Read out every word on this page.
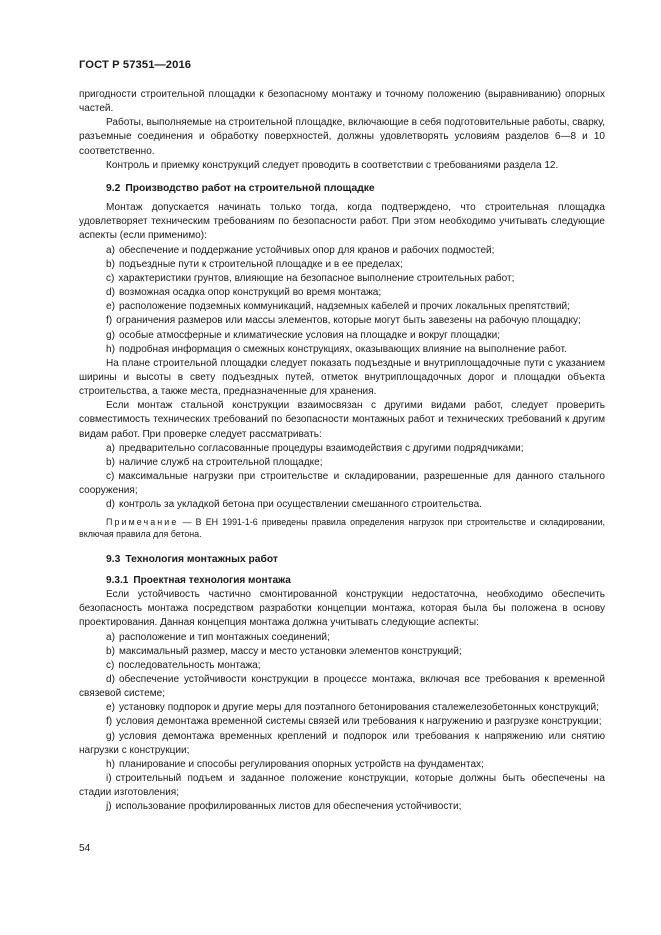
ГОСТ Р 57351—2016

пригодности строительной площадки к безопасному монтажу и точному положению (выравниванию) опорных частей.

Работы, выполняемые на строительной площадке, включающие в себя подготовительные работы, сварку, разъемные соединения и обработку поверхностей, должны удовлетворять условиям разделов 6—8 и 10 соответственно.

Контроль и приемку конструкций следует проводить в соответствии с требованиями раздела 12.

9.2 Производство работ на строительной площадке

Монтаж допускается начинать только тогда, когда подтверждено, что строительная площадка удовлетворяет техническим требованиям по безопасности работ. При этом необходимо учитывать следующие аспекты (если применимо):

a) обеспечение и поддержание устойчивых опор для кранов и рабочих подмостей;

b) подъездные пути к строительной площадке и в ее пределах;

c) характеристики грунтов, влияющие на безопасное выполнение строительных работ;

d) возможная осадка опор конструкций во время монтажа;

e) расположение подземных коммуникаций, надземных кабелей и прочих локальных препятствий;

f) ограничения размеров или массы элементов, которые могут быть завезены на рабочую площадку;

g) особые атмосферные и климатические условия на площадке и вокруг площадки;

h) подробная информация о смежных конструкциях, оказывающих влияние на выполнение работ.

На плане строительной площадки следует показать подъездные и внутриплощадочные пути с указанием ширины и высоты в свету подъездных путей, отметок внутриплощадочных дорог и площадки объекта строительства, а также места, предназначенные для хранения.

Если монтаж стальной конструкции взаимосвязан с другими видами работ, следует проверить совместимость технических требований по безопасности монтажных работ и технических требований к другим видам работ. При проверке следует рассматривать:

a) предварительно согласованные процедуры взаимодействия с другими подрядчиками;

b) наличие служб на строительной площадке;

c) максимальные нагрузки при строительстве и складировании, разрешенные для данного стального сооружения;

d) контроль за укладкой бетона при осуществлении смешанного строительства.

Примечание — В ЕН 1991-1-6 приведены правила определения нагрузок при строительстве и складировании, включая правила для бетона.

9.3 Технология монтажных работ
9.3.1 Проектная технология монтажа

Если устойчивость частично смонтированной конструкции недостаточна, необходимо обеспечить безопасность монтажа посредством разработки концепции монтажа, которая была бы положена в основу проектирования. Данная концепция монтажа должна учитывать следующие аспекты:

a) расположение и тип монтажных соединений;

b) максимальный размер, массу и место установки элементов конструкций;

c) последовательность монтажа;

d) обеспечение устойчивости конструкции в процессе монтажа, включая все требования к временной связевой системе;

e) установку подпорок и другие меры для поэтапного бетонирования сталежелезобетонных конструкций;

f) условия демонтажа временной системы связей или требования к нагружению и разгрузке конструкции;

g) условия демонтажа временных креплений и подпорок или требования к напряжению или снятию нагрузки с конструкции;

h) планирование и способы регулирования опорных устройств на фундаментах;

i) строительный подъем и заданное положение конструкции, которые должны быть обеспечены на стадии изготовления;

j) использование профилированных листов для обеспечения устойчивости;

54
